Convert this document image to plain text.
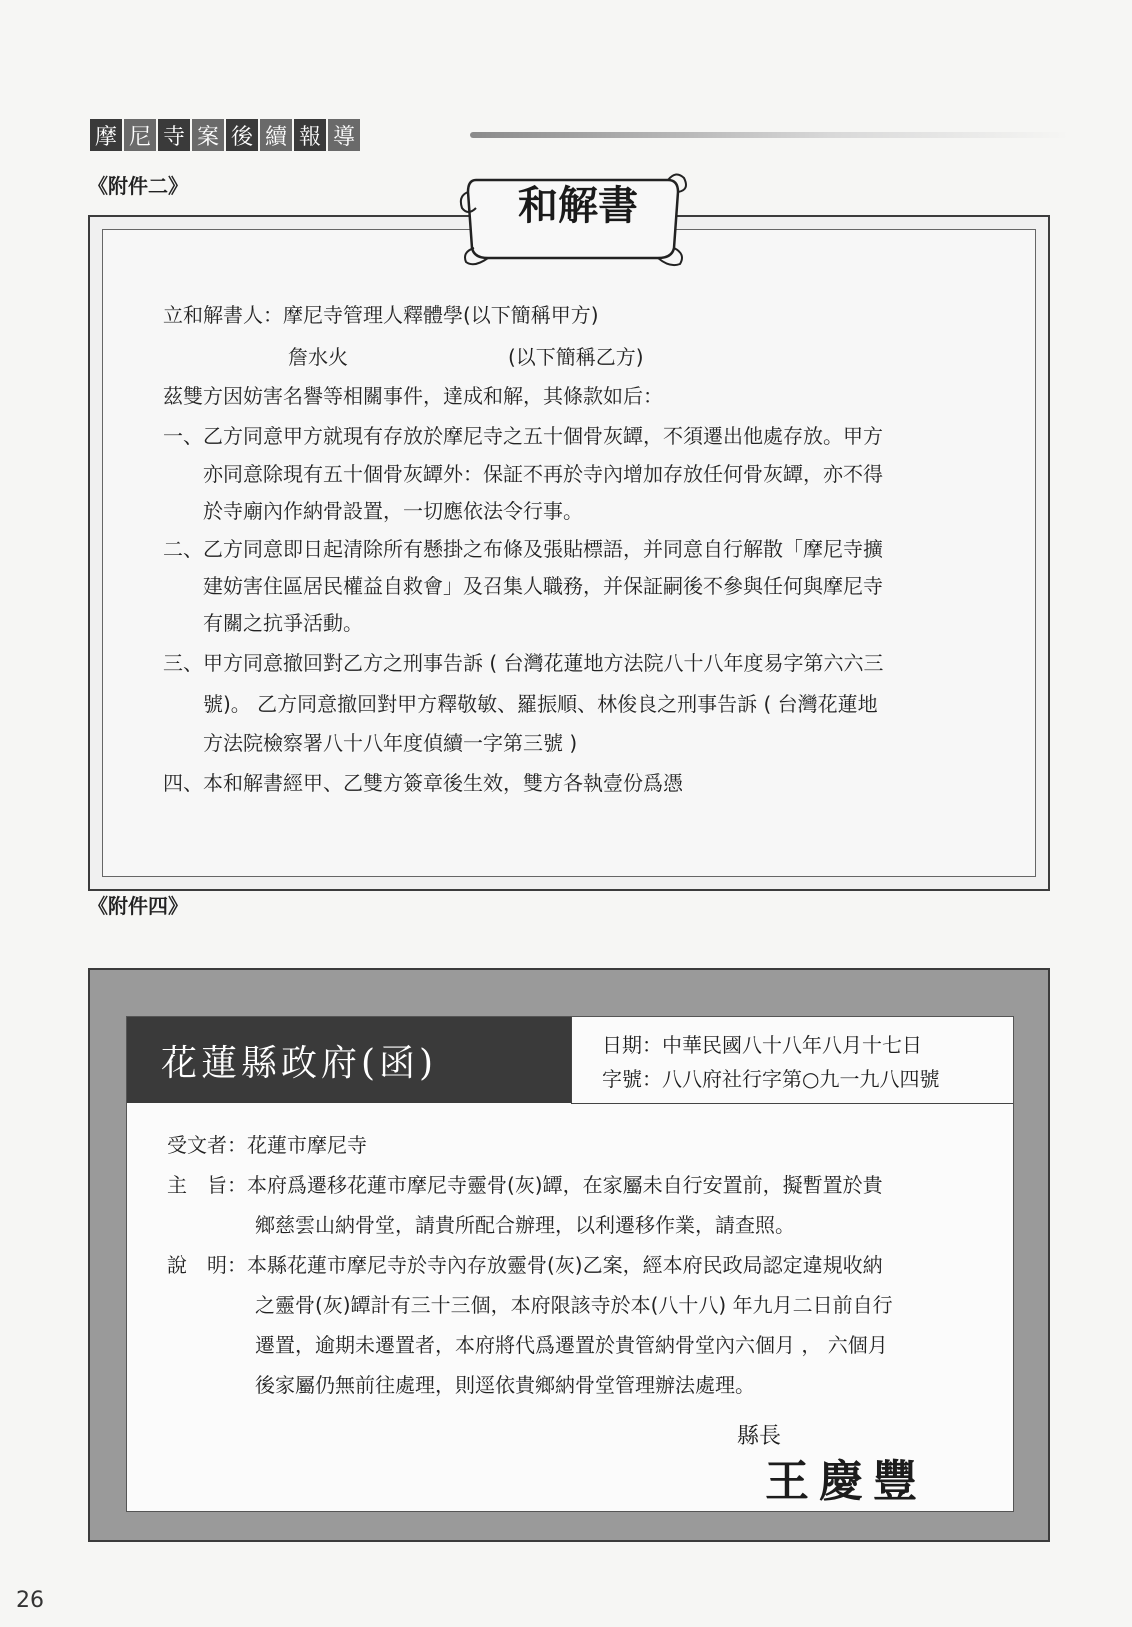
摩 尼 寺 案 後 續 報 導
《附件二》
立和解書人：摩尼寺管理人釋體學(以下簡稱甲方)
詹水火　　　　　　　　(以下簡稱乙方)
茲雙方因妨害名譽等相關事件，達成和解，其條款如后：
一、乙方同意甲方就現有存放於摩尼寺之五十個骨灰罈，不須遷出他處存放。甲方
亦同意除現有五十個骨灰罈外：保証不再於寺內增加存放任何骨灰罈，亦不得
於寺廟內作納骨設置，一切應依法令行事。
二、乙方同意即日起清除所有懸掛之布條及張貼標語，并同意自行解散「摩尼寺擴
建妨害住區居民權益自救會」及召集人職務，并保証嗣後不參與任何與摩尼寺
有關之抗爭活動。
三、甲方同意撤回對乙方之刑事告訴 ( 台灣花蓮地方法院八十八年度易字第六六三
號)。 乙方同意撤回對甲方釋敬敏、羅振順、林俊良之刑事告訴 ( 台灣花蓮地
方法院檢察署八十八年度偵續一字第三號 )
四、本和解書經甲、乙雙方簽章後生效，雙方各執壹份爲憑
和解書
《附件四》
花蓮縣政府(函)	日期：中華民國八十八年八月十七日
字號：八八府社行字第○九一九八四號
受文者：花蓮市摩尼寺
主　旨：本府爲遷移花蓮市摩尼寺靈骨(灰)罈，在家屬未自行安置前，擬暫置於貴
鄉慈雲山納骨堂，請貴所配合辦理，以利遷移作業，請查照。
說　明：本縣花蓮市摩尼寺於寺內存放靈骨(灰)乙案，經本府民政局認定違規收納
之靈骨(灰)罈計有三十三個，本府限該寺於本(八十八) 年九月二日前自行
遷置，逾期未遷置者，本府將代爲遷置於貴管納骨堂內六個月 ， 六個月
後家屬仍無前往處理，則逕依貴鄉納骨堂管理辦法處理。
縣長
王慶豐
26
